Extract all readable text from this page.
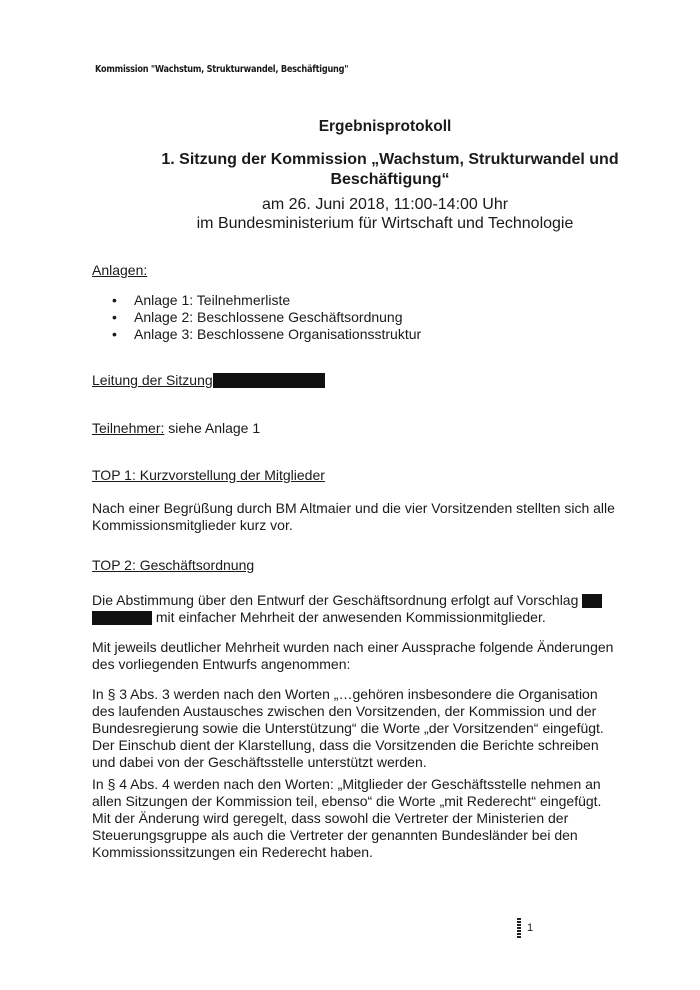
Kommission "Wachstum, Strukturwandel, Beschäftigung"
Ergebnisprotokoll
1. Sitzung der Kommission „Wachstum, Strukturwandel und Beschäftigung“
am 26. Juni 2018, 11:00-14:00 Uhr
im Bundesministerium für Wirtschaft und Technologie
Anlagen:
• Anlage 1: Teilnehmerliste
• Anlage 2: Beschlossene Geschäftsordnung
• Anlage 3: Beschlossene Organisationsstruktur
Leitung der Sitzung
Teilnehmer: siehe Anlage 1
TOP 1: Kurzvorstellung der Mitglieder
Nach einer Begrüßung durch BM Altmaier und die vier Vorsitzenden stellten sich alle Kommissionsmitglieder kurz vor.
TOP 2: Geschäftsordnung
Die Abstimmung über den Entwurf der Geschäftsordnung erfolgt auf Vorschlag
mit einfacher Mehrheit der anwesenden Kommissionmitglieder.
Mit jeweils deutlicher Mehrheit wurden nach einer Aussprache folgende Änderungen des vorliegenden Entwurfs angenommen:
In § 3 Abs. 3 werden nach den Worten „…gehören insbesondere die Organisation des laufenden Austausches zwischen den Vorsitzenden, der Kommission und der Bundesregierung sowie die Unterstützung“ die Worte „der Vorsitzenden“ eingefügt. Der Einschub dient der Klarstellung, dass die Vorsitzenden die Berichte schreiben und dabei von der Geschäftsstelle unterstützt werden.
In § 4 Abs. 4 werden nach den Worten: „Mitglieder der Geschäftsstelle nehmen an allen Sitzungen der Kommission teil, ebenso“ die Worte „mit Rederecht“ eingefügt. Mit der Änderung wird geregelt, dass sowohl die Vertreter der Ministerien der Steuerungsgruppe als auch die Vertreter der genannten Bundesländer bei den Kommissionssitzungen ein Rederecht haben.
1
